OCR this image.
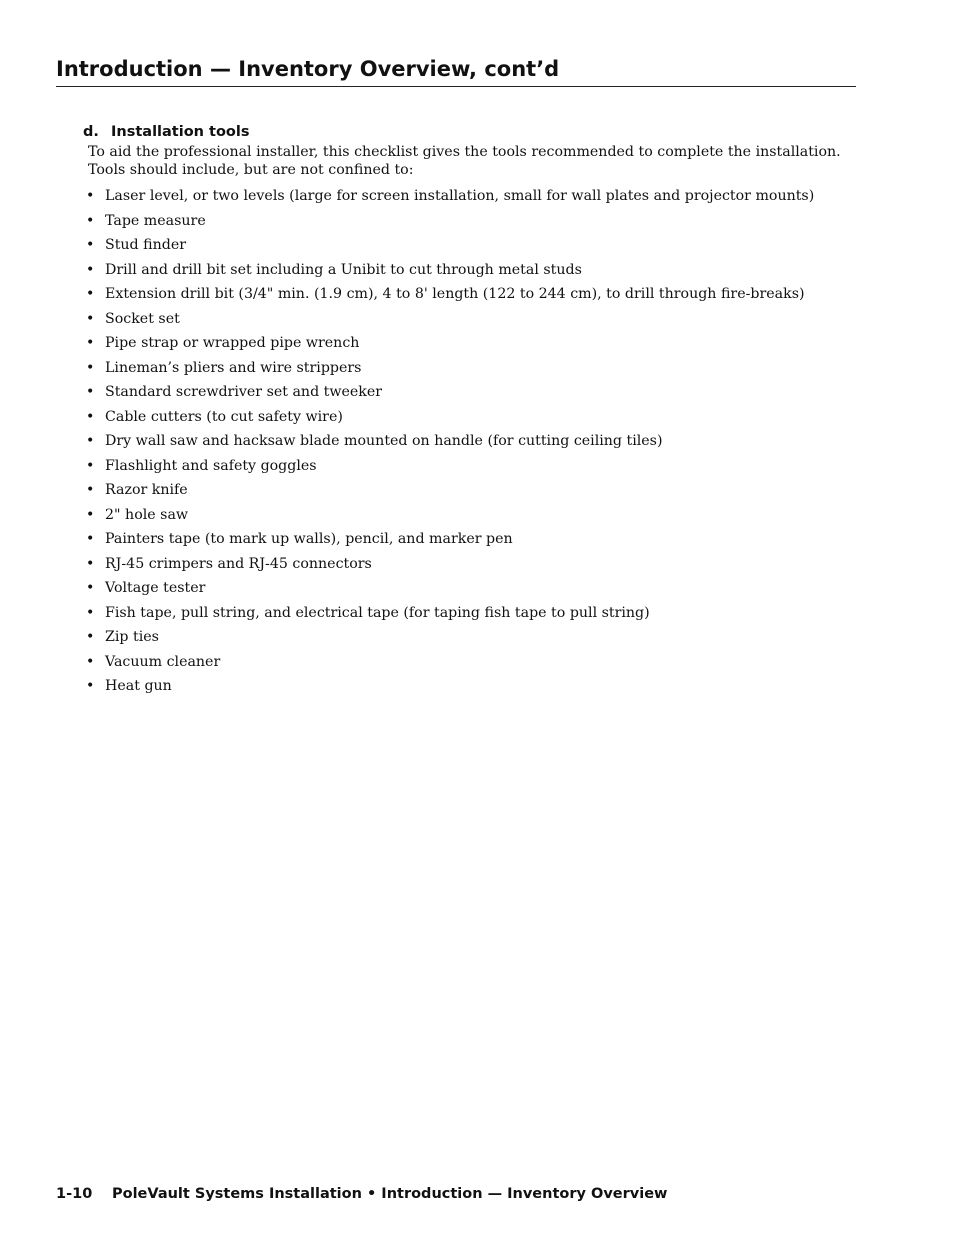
Introduction — Inventory Overview, cont’d
d. Installation tools

To aid the professional installer, this checklist gives the tools recommended to complete the installation.
Tools should include, but are not confined to:

• Laser level, or two levels (large for screen installation, small for wall plates and projector mounts)
• Tape measure
• Stud finder
• Drill and drill bit set including a Unibit to cut through metal studs
• Extension drill bit (3/4" min. (1.9 cm), 4 to 8' length (122 to 244 cm), to drill through fire-breaks)
• Socket set
• Pipe strap or wrapped pipe wrench
• Lineman’s pliers and wire strippers
• Standard screwdriver set and tweeker
• Cable cutters (to cut safety wire)
• Dry wall saw and hacksaw blade mounted on handle (for cutting ceiling tiles)
• Flashlight and safety goggles
• Razor knife
• 2" hole saw
• Painters tape (to mark up walls), pencil, and marker pen
• RJ-45 crimpers and RJ-45 connectors
• Voltage tester
• Fish tape, pull string, and electrical tape (for taping fish tape to pull string)
• Zip ties
• Vacuum cleaner
• Heat gun
1-10 PoleVault Systems Installation • Introduction — Inventory Overview
